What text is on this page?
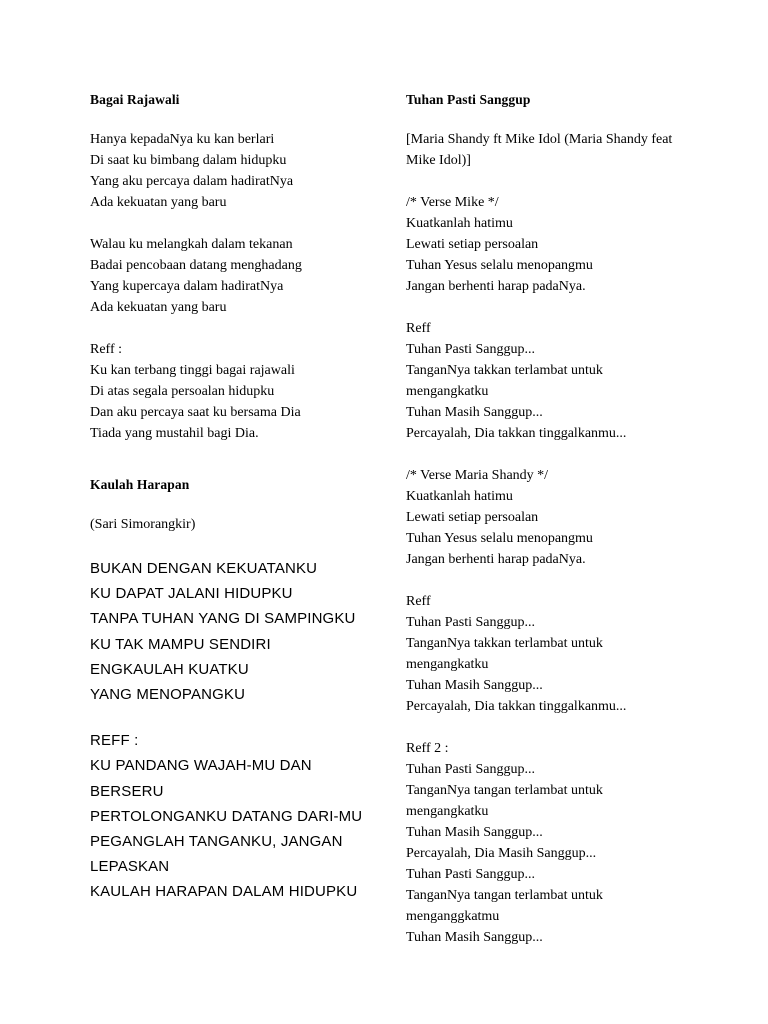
Bagai Rajawali
Hanya kepadaNya ku kan berlari
Di saat ku bimbang dalam hidupku
Yang aku percaya dalam hadiratNya
Ada kekuatan yang baru
Walau ku melangkah dalam tekanan
Badai pencobaan datang menghadang
Yang kupercaya dalam hadiratNya
Ada kekuatan yang baru
Reff :
Ku kan terbang tinggi bagai rajawali
Di atas segala persoalan hidupku
Dan aku percaya saat ku bersama Dia
Tiada yang mustahil bagi Dia.
Kaulah Harapan
(Sari Simorangkir)
BUKAN DENGAN KEKUATANKU
KU DAPAT JALANI HIDUPKU
TANPA TUHAN YANG DI SAMPINGKU
KU TAK MAMPU SENDIRI
ENGKAULAH KUATKU
YANG MENOPANGKU
REFF :
KU PANDANG WAJAH-MU DAN BERSERU
PERTOLONGANKU DATANG DARI-MU
PEGANGLAH TANGANKU, JANGAN LEPASKAN
KAULAH HARAPAN DALAM HIDUPKU
Tuhan Pasti Sanggup
[Maria Shandy ft Mike Idol (Maria Shandy feat Mike Idol)]
/* Verse Mike */
Kuatkanlah hatimu
Lewati setiap persoalan
Tuhan Yesus selalu menopangmu
Jangan berhenti harap padaNya.
Reff
Tuhan Pasti Sanggup...
TanganNya takkan terlambat untuk mengangkatku
Tuhan Masih Sanggup...
Percayalah, Dia takkan tinggalkanmu...
/* Verse Maria Shandy */
Kuatkanlah hatimu
Lewati setiap persoalan
Tuhan Yesus selalu menopangmu
Jangan berhenti harap padaNya.
Reff
Tuhan Pasti Sanggup...
TanganNya takkan terlambat untuk mengangkatku
Tuhan Masih Sanggup...
Percayalah, Dia takkan tinggalkanmu...
Reff 2 :
Tuhan Pasti Sanggup...
TanganNya tangan terlambat untuk mengangkatku
Tuhan Masih Sanggup...
Percayalah, Dia Masih Sanggup...
Tuhan Pasti Sanggup...
TanganNya tangan terlambat untuk menganggkatmu
Tuhan Masih Sanggup...
